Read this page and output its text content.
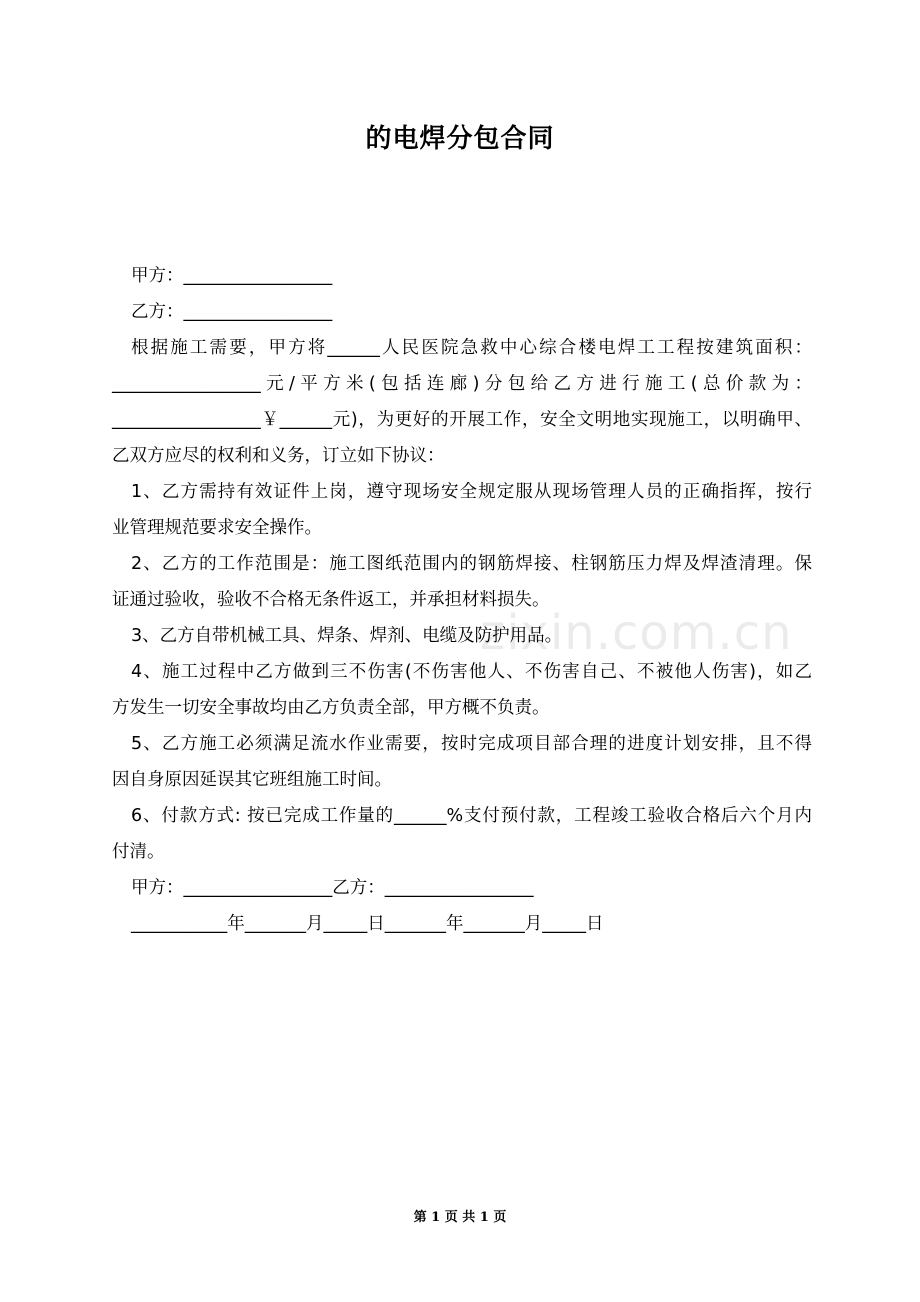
的电焊分包合同
甲方：_________________
乙方：_________________
根据施工需要，甲方将______人民医院急救中心综合楼电焊工工程按建筑面积：
_________________元/平方米(包括连廊)分包给乙方进行施工(总价款为：
_________________￥______元)，为更好的开展工作，安全文明地实现施工，以明确甲、
乙双方应尽的权利和义务，订立如下协议：
1、乙方需持有效证件上岗，遵守现场安全规定服从现场管理人员的正确指挥，按行
业管理规范要求安全操作。
2、乙方的工作范围是：施工图纸范围内的钢筋焊接、柱钢筋压力焊及焊渣清理。保
证通过验收，验收不合格无条件返工，并承担材料损失。
3、乙方自带机械工具、焊条、焊剂、电缆及防护用品。
4、施工过程中乙方做到三不伤害(不伤害他人、不伤害自己、不被他人伤害)，如乙
方发生一切安全事故均由乙方负责全部，甲方概不负责。
5、乙方施工必须满足流水作业需要，按时完成项目部合理的进度计划安排，且不得
因自身原因延误其它班组施工时间。
6、付款方式: 按已完成工作量的______%支付预付款，工程竣工验收合格后六个月内
付清。
甲方：_________________乙方：_________________
___________年_______月_____日_______年_______月_____日
zixin.com.cn
第 1 页 共 1 页
